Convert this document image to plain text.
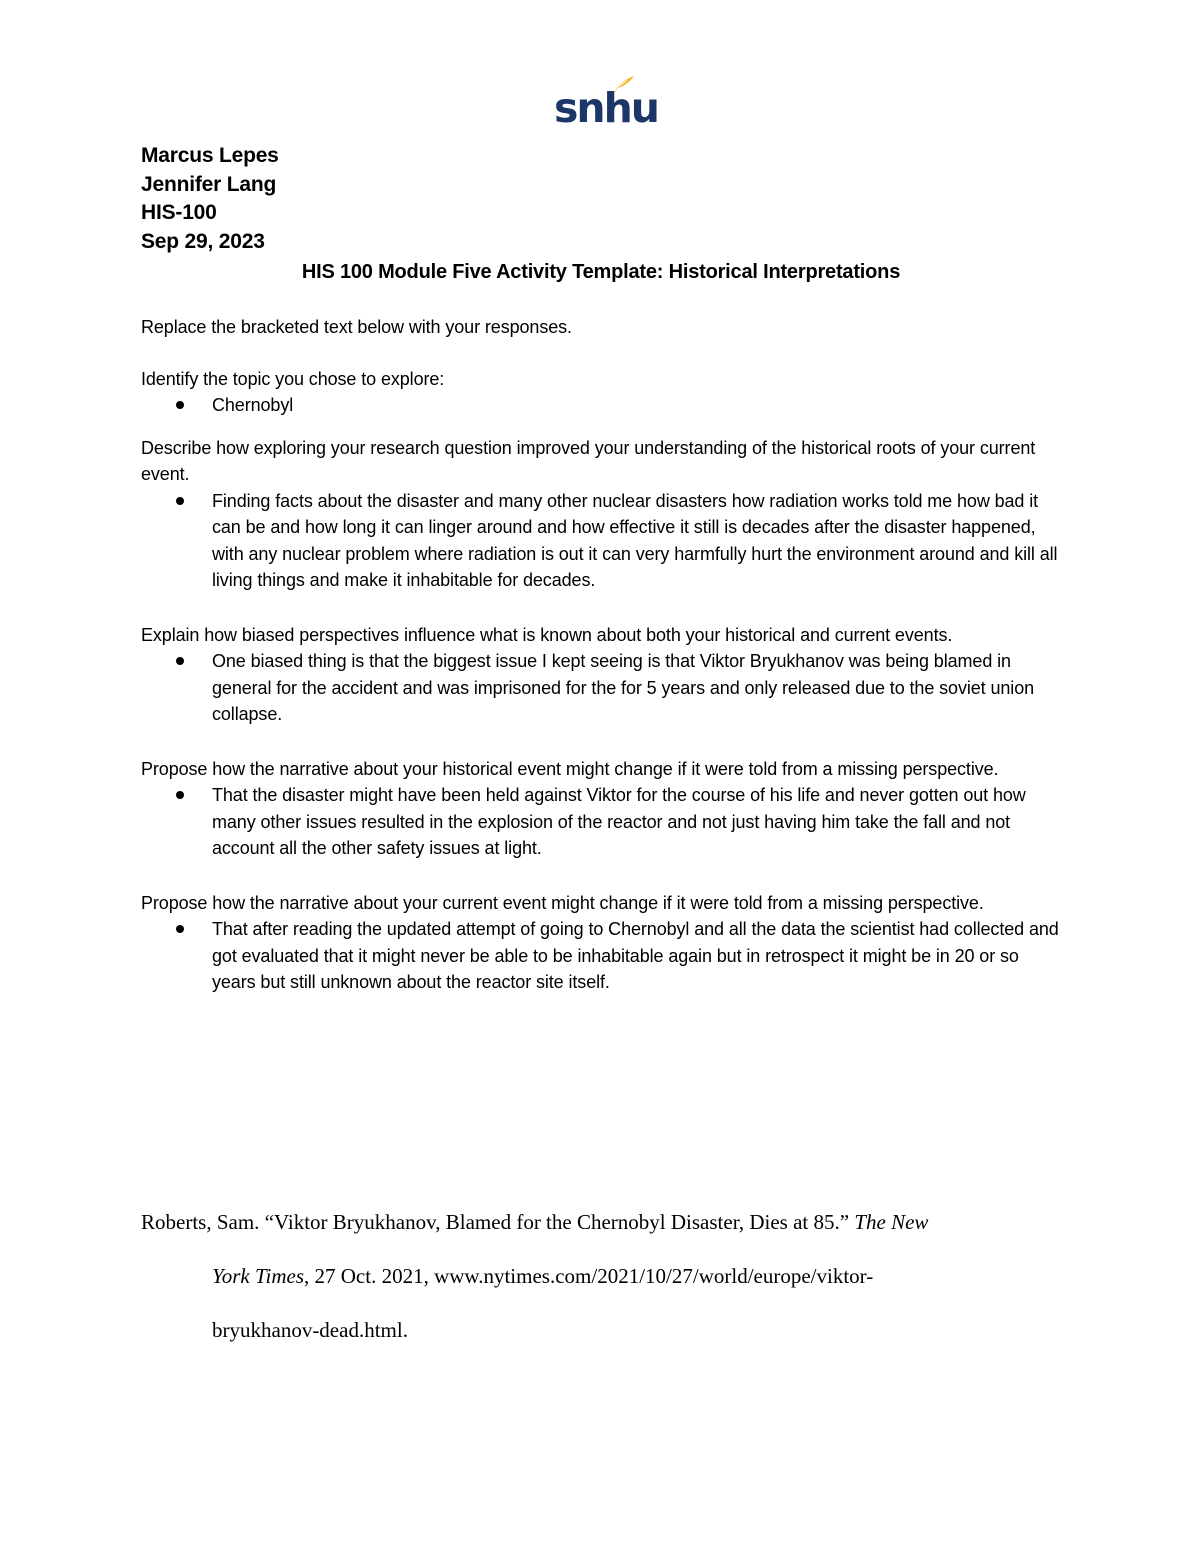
snhu
Marcus Lepes
Jennifer Lang
HIS-100
Sep 29, 2023
HIS 100 Module Five Activity Template: Historical Interpretations
Replace the bracketed text below with your responses.
Identify the topic you chose to explore:
Chernobyl
Describe how exploring your research question improved your understanding of the historical roots of your current event.
Finding facts about the disaster and many other nuclear disasters how radiation works told me how bad it can be and how long it can linger around and how effective it still is decades after the disaster happened, with any nuclear problem where radiation is out it can very harmfully hurt the environment around and kill all living things and make it inhabitable for decades.
Explain how biased perspectives influence what is known about both your historical and current events.
One biased thing is that the biggest issue I kept seeing is that Viktor Bryukhanov was being blamed in general for the accident and was imprisoned for the for 5 years and only released due to the soviet union collapse.
Propose how the narrative about your historical event might change if it were told from a missing perspective.
That the disaster might have been held against Viktor for the course of his life and never gotten out how many other issues resulted in the explosion of the reactor and not just having him take the fall and not account all the other safety issues at light.
Propose how the narrative about your current event might change if it were told from a missing perspective.
That after reading the updated attempt of going to Chernobyl and all the data the scientist had collected and got evaluated that it might never be able to be inhabitable again but in retrospect it might be in 20 or so years but still unknown about the reactor site itself.
Roberts, Sam. “Viktor Bryukhanov, Blamed for the Chernobyl Disaster, Dies at 85.” The New
York Times, 27 Oct. 2021, www.nytimes.com/2021/10/27/world/europe/viktor-
bryukhanov-dead.html.
